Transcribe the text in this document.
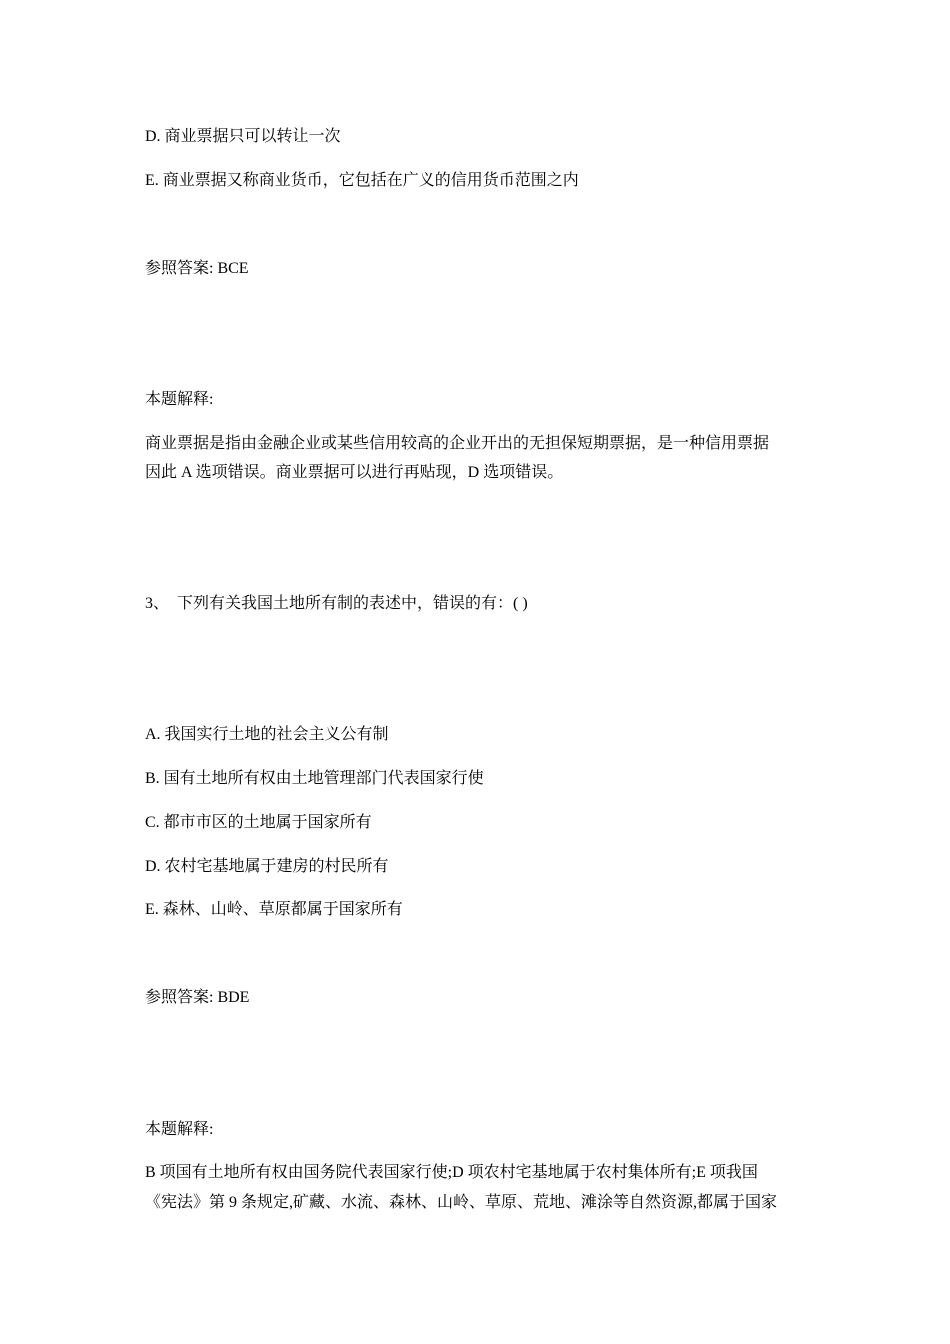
D. 商业票据只可以转让一次
E. 商业票据又称商业货币，它包括在广义的信用货币范围之内
参照答案: BCE
本题解释:
商业票据是指由金融企业或某些信用较高的企业开出的无担保短期票据，是一种信用票据
因此 A 选项错误。商业票据可以进行再贴现，D 选项错误。
3、  下列有关我国土地所有制的表述中，错误的有：( )
A. 我国实行土地的社会主义公有制
B. 国有土地所有权由土地管理部门代表国家行使
C. 都市市区的土地属于国家所有
D. 农村宅基地属于建房的村民所有
E. 森林、山岭、草原都属于国家所有
参照答案: BDE
本题解释:
B 项国有土地所有权由国务院代表国家行使;D 项农村宅基地属于农村集体所有;E 项我国
《宪法》第 9 条规定,矿藏、水流、森林、山岭、草原、荒地、滩涂等自然资源,都属于国家
